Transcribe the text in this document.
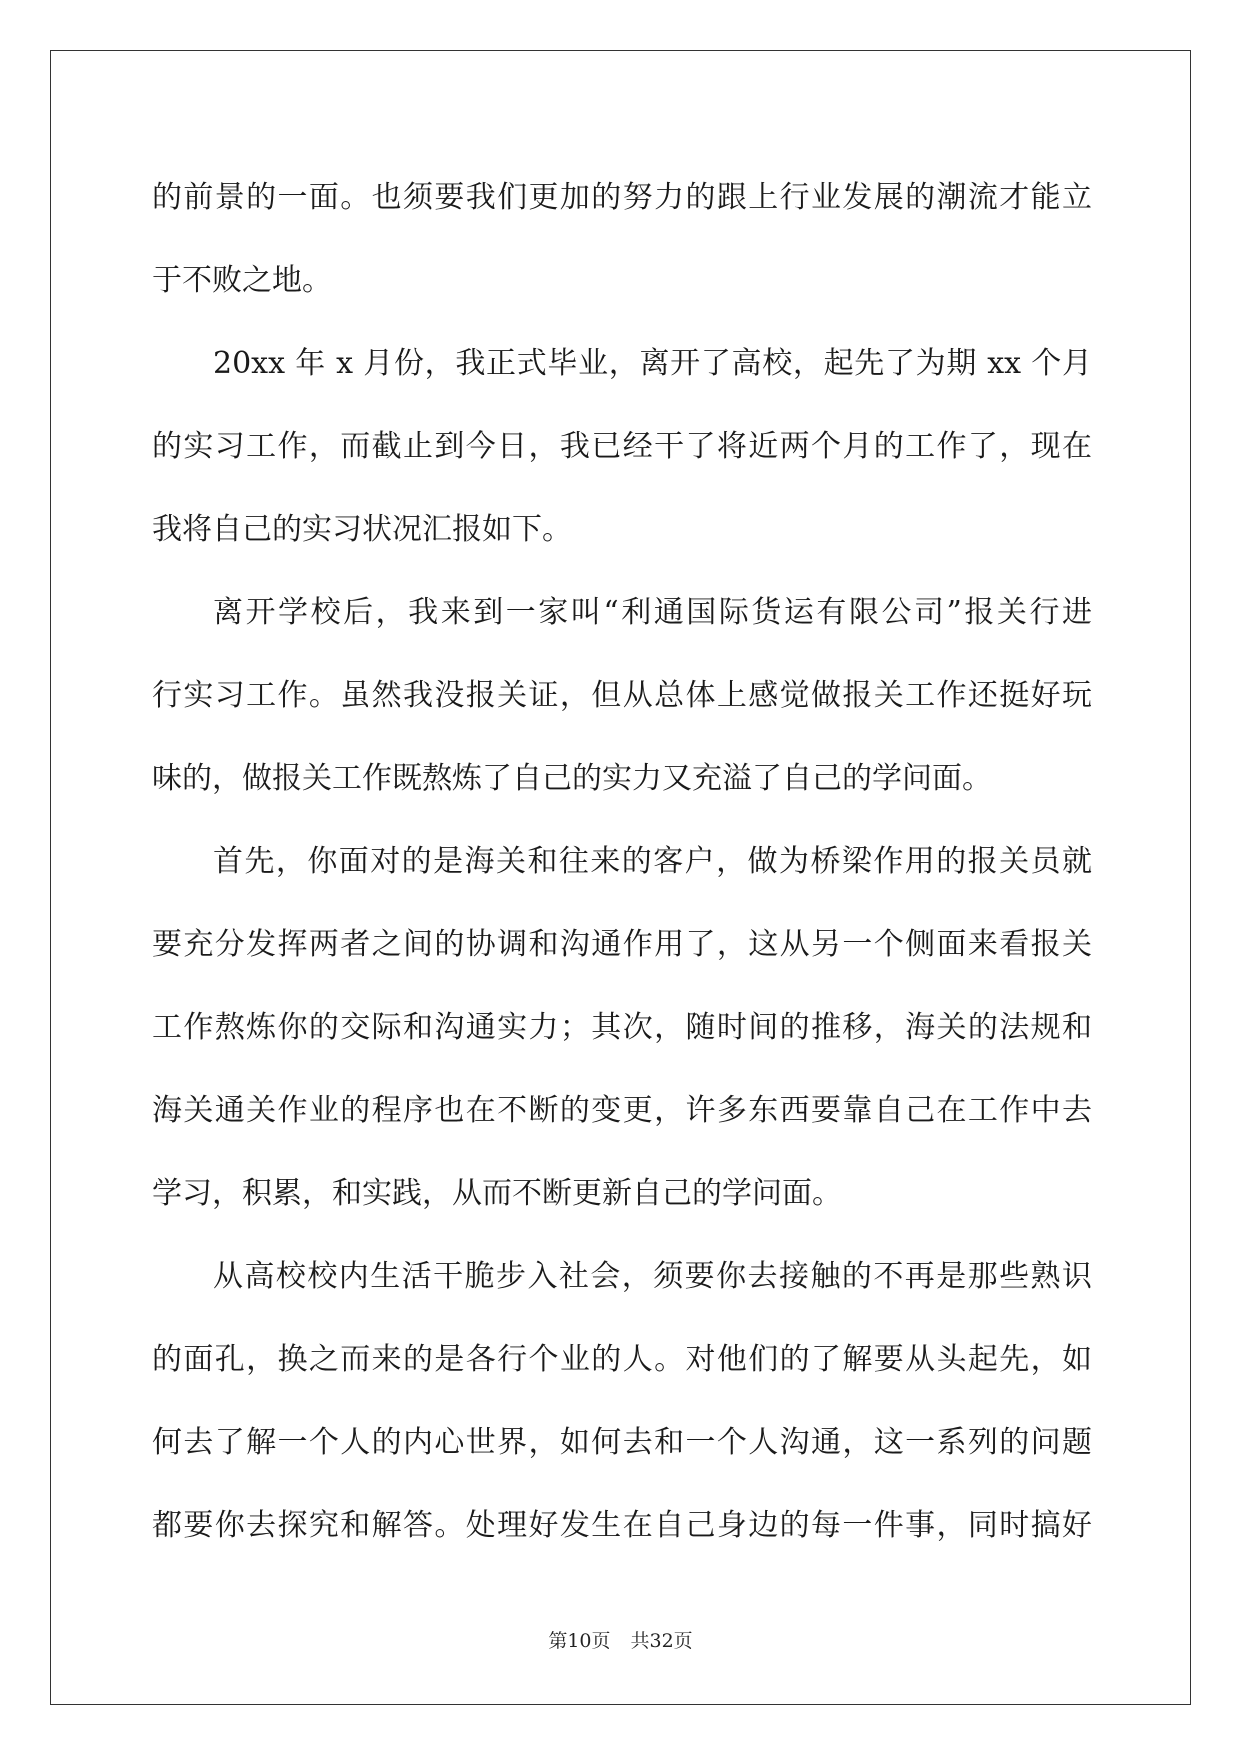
的前景的一面。也须要我们更加的努力的跟上行业发展的潮流才能立
于不败之地。
20xx 年 x 月份，我正式毕业，离开了高校，起先了为期 xx 个月
的实习工作，而截止到今日，我已经干了将近两个月的工作了，现在
我将自己的实习状况汇报如下。
离开学校后，我来到一家叫“利通国际货运有限公司”报关行进
行实习工作。虽然我没报关证，但从总体上感觉做报关工作还挺好玩
味的，做报关工作既熬炼了自己的实力又充溢了自己的学问面。
首先，你面对的是海关和往来的客户，做为桥梁作用的报关员就
要充分发挥两者之间的协调和沟通作用了，这从另一个侧面来看报关
工作熬炼你的交际和沟通实力；其次，随时间的推移，海关的法规和
海关通关作业的程序也在不断的变更，许多东西要靠自己在工作中去
学习，积累，和实践，从而不断更新自己的学问面。
从高校校内生活干脆步入社会，须要你去接触的不再是那些熟识
的面孔，换之而来的是各行个业的人。对他们的了解要从头起先，如
何去了解一个人的内心世界，如何去和一个人沟通，这一系列的问题
都要你去探究和解答。处理好发生在自己身边的每一件事，同时搞好
第10页 共32页
